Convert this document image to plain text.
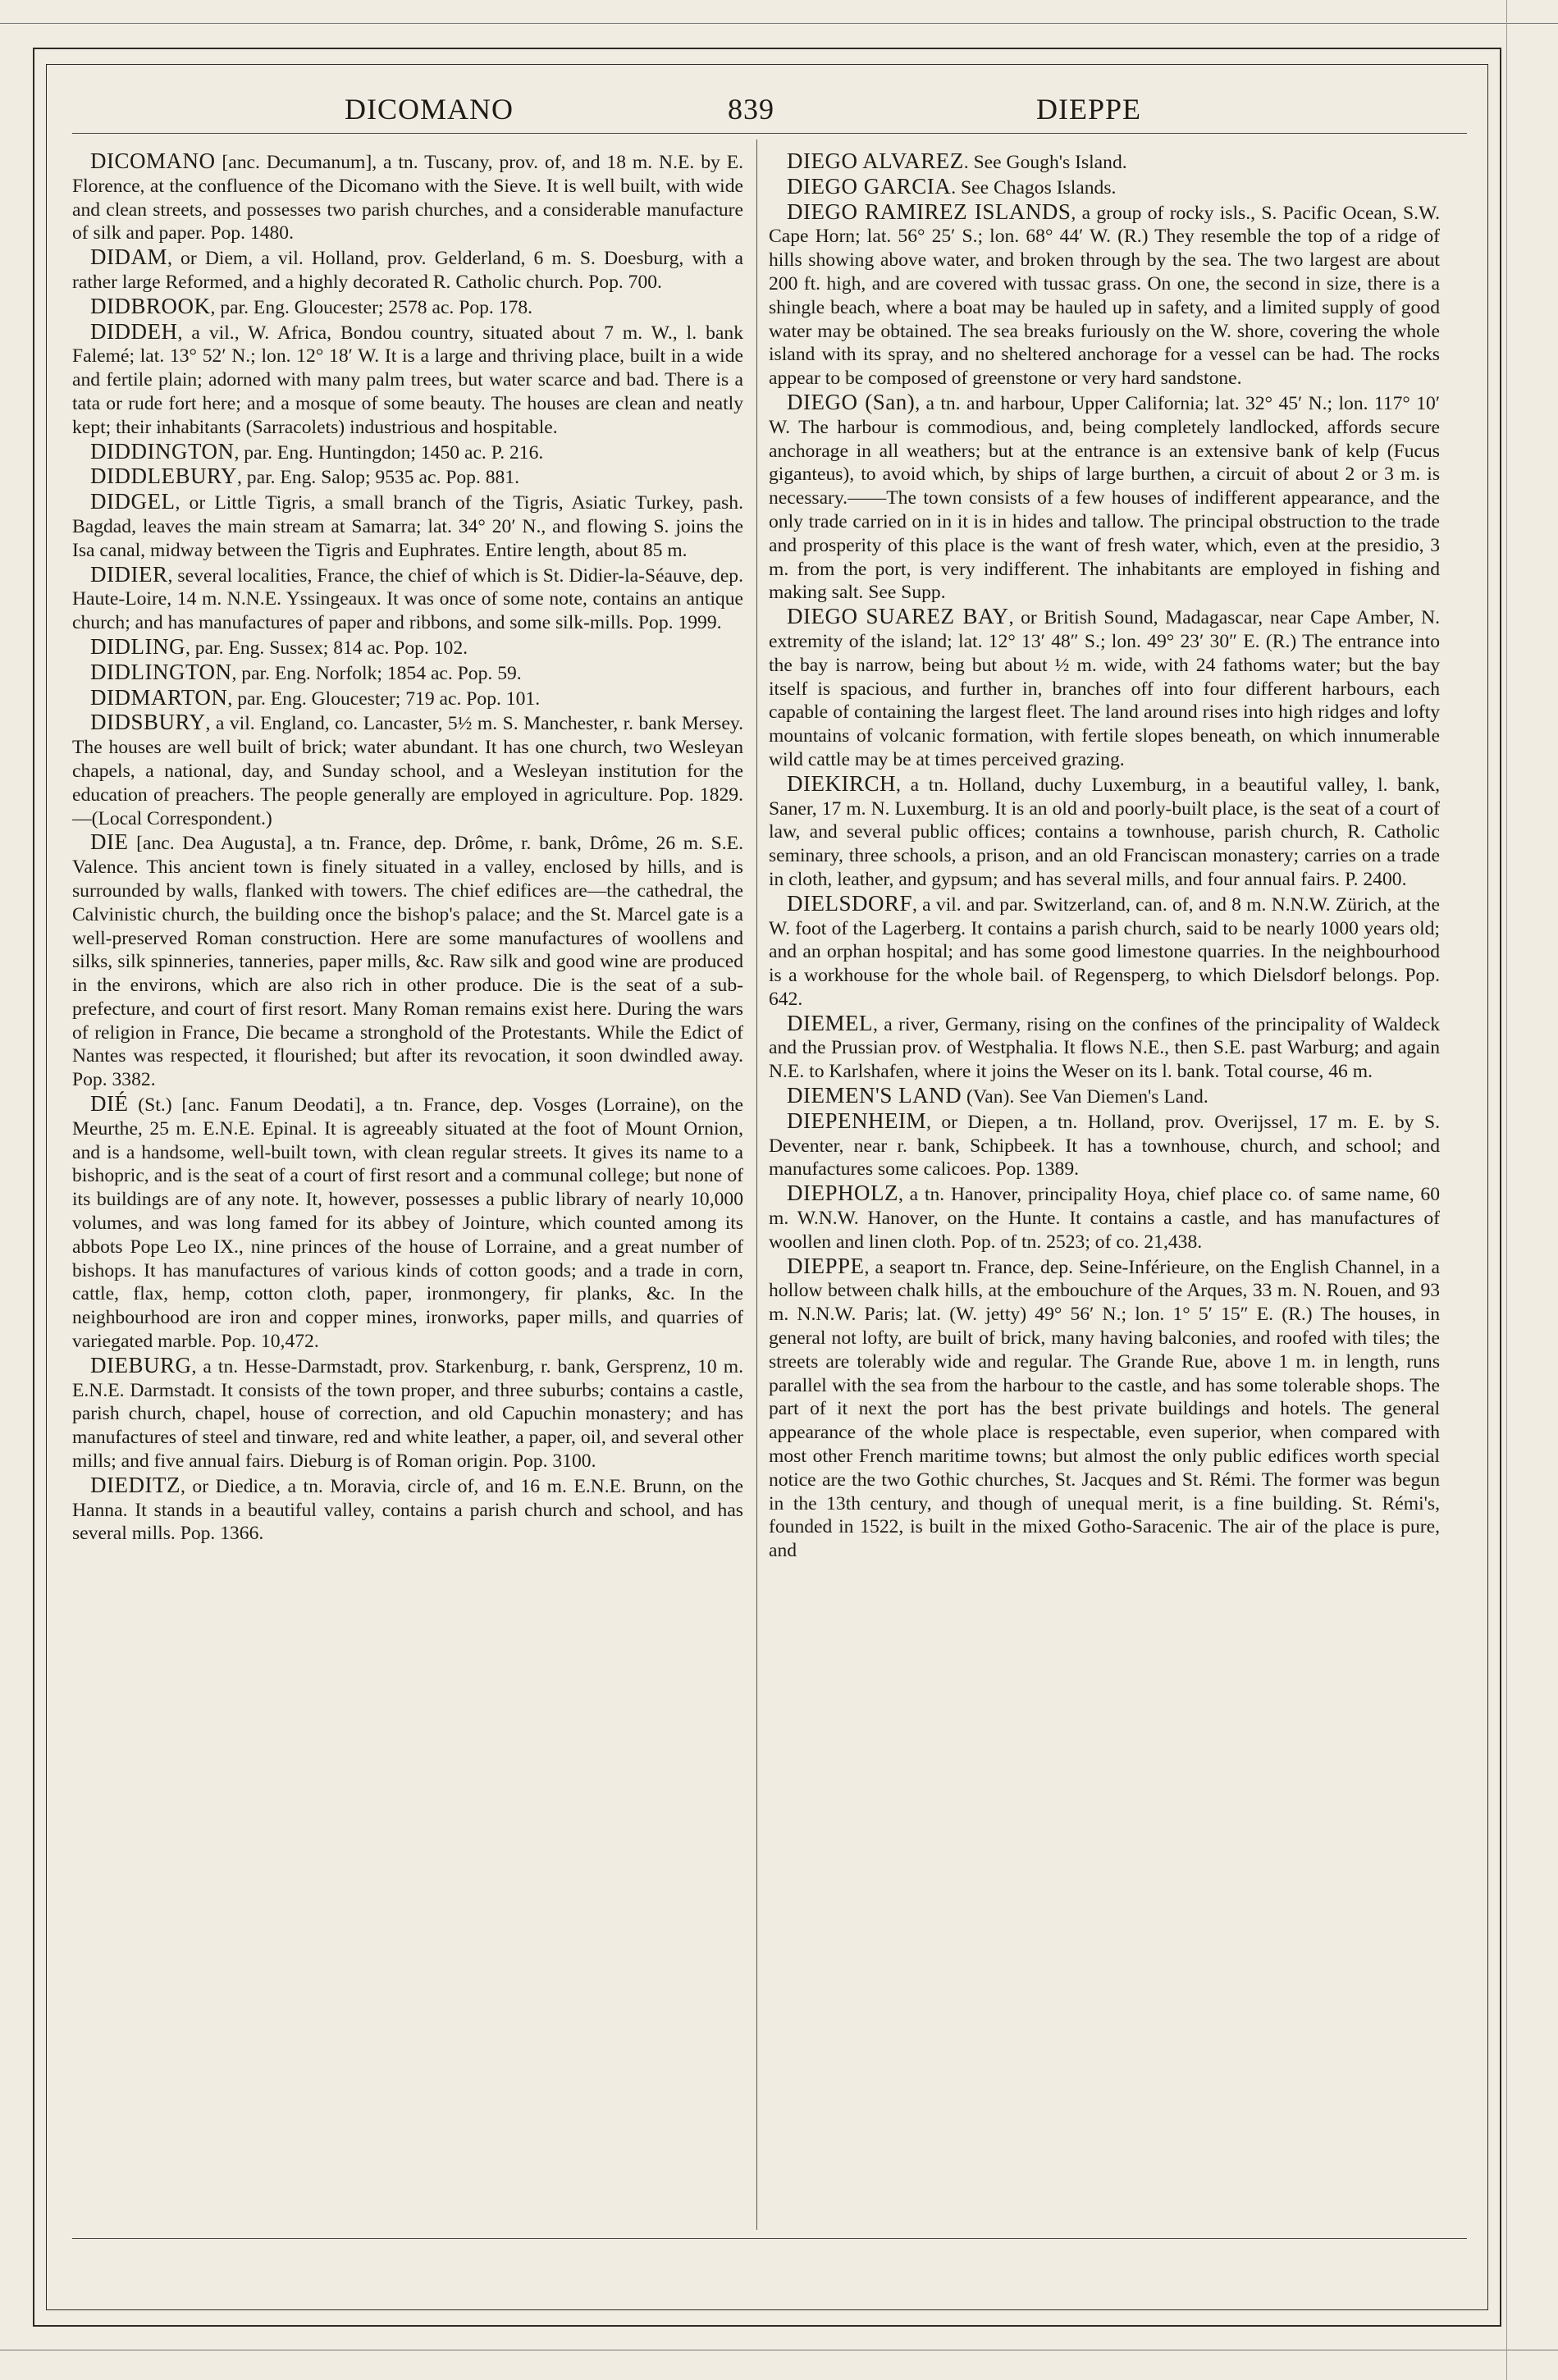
DICOMANO	839	DIEPPE

DICOMANO [anc. Decumanum], a tn. Tuscany, prov. of, and 18 m. N.E. by E. Florence, at the confluence of the Dicomano with the Sieve. It is well built, with wide and clean streets, and possesses two parish churches, and a considerable manufacture of silk and paper. Pop. 1480.

DIDAM, or Diem, a vil. Holland, prov. Gelderland, 6 m. S. Doesburg, with a rather large Reformed, and a highly decorated R. Catholic church. Pop. 700.

DIDBROOK, par. Eng. Gloucester; 2578 ac. Pop. 178.

DIDDEH, a vil., W. Africa, Bondou country, situated about 7 m. W., l. bank Falemé; lat. 13° 52′ N.; lon. 12° 18′ W. It is a large and thriving place, built in a wide and fertile plain; adorned with many palm trees, but water scarce and bad. There is a tata or rude fort here; and a mosque of some beauty. The houses are clean and neatly kept; their inhabitants (Sarracolets) industrious and hospitable.

DIDDINGTON, par. Eng. Huntingdon; 1450 ac. P. 216.

DIDDLEBURY, par. Eng. Salop; 9535 ac. Pop. 881.

DIDGEL, or Little Tigris, a small branch of the Tigris, Asiatic Turkey, pash. Bagdad, leaves the main stream at Samarra; lat. 34° 20′ N., and flowing S. joins the Isa canal, midway between the Tigris and Euphrates. Entire length, about 85 m.

DIDIER, several localities, France, the chief of which is St. Didier-la-Séauve, dep. Haute-Loire, 14 m. N.N.E. Yssingeaux. It was once of some note, contains an antique church; and has manufactures of paper and ribbons, and some silk-mills. Pop. 1999.

DIDLING, par. Eng. Sussex; 814 ac. Pop. 102.

DIDLINGTON, par. Eng. Norfolk; 1854 ac. Pop. 59.

DIDMARTON, par. Eng. Gloucester; 719 ac. Pop. 101.

DIDSBURY, a vil. England, co. Lancaster, 5½ m. S. Manchester, r. bank Mersey. The houses are well built of brick; water abundant. It has one church, two Wesleyan chapels, a national, day, and Sunday school, and a Wesleyan institution for the education of preachers. The people generally are employed in agriculture. Pop. 1829.—(Local Correspondent.)

DIE [anc. Dea Augusta], a tn. France, dep. Drôme, r. bank, Drôme, 26 m. S.E. Valence. This ancient town is finely situated in a valley, enclosed by hills, and is surrounded by walls, flanked with towers. The chief edifices are—the cathedral, the Calvinistic church, the building once the bishop's palace; and the St. Marcel gate is a well-preserved Roman construction. Here are some manufactures of woollens and silks, silk spinneries, tanneries, paper mills, &c. Raw silk and good wine are produced in the environs, which are also rich in other produce. Die is the seat of a sub-prefecture, and court of first resort. Many Roman remains exist here. During the wars of religion in France, Die became a stronghold of the Protestants. While the Edict of Nantes was respected, it flourished; but after its revocation, it soon dwindled away. Pop. 3382.

DIÉ (St.) [anc. Fanum Deodati], a tn. France, dep. Vosges (Lorraine), on the Meurthe, 25 m. E.N.E. Epinal. It is agreeably situated at the foot of Mount Ornion, and is a handsome, well-built town, with clean regular streets. It gives its name to a bishopric, and is the seat of a court of first resort and a communal college; but none of its buildings are of any note. It, however, possesses a public library of nearly 10,000 volumes, and was long famed for its abbey of Jointure, which counted among its abbots Pope Leo IX., nine princes of the house of Lorraine, and a great number of bishops. It has manufactures of various kinds of cotton goods; and a trade in corn, cattle, flax, hemp, cotton cloth, paper, ironmongery, fir planks, &c. In the neighbourhood are iron and copper mines, ironworks, paper mills, and quarries of variegated marble. Pop. 10,472.

DIEBURG, a tn. Hesse-Darmstadt, prov. Starkenburg, r. bank, Gersprenz, 10 m. E.N.E. Darmstadt. It consists of the town proper, and three suburbs; contains a castle, parish church, chapel, house of correction, and old Capuchin monastery; and has manufactures of steel and tinware, red and white leather, a paper, oil, and several other mills; and five annual fairs. Dieburg is of Roman origin. Pop. 3100.

DIEDITZ, or Diedice, a tn. Moravia, circle of, and 16 m. E.N.E. Brunn, on the Hanna. It stands in a beautiful valley, contains a parish church and school, and has several mills. Pop. 1366.

DIEGO ALVAREZ. See Gough's Island.

DIEGO GARCIA. See Chagos Islands.

DIEGO RAMIREZ ISLANDS, a group of rocky isls., S. Pacific Ocean, S.W. Cape Horn; lat. 56° 25′ S.; lon. 68° 44′ W. (R.) They resemble the top of a ridge of hills showing above water, and broken through by the sea. The two largest are about 200 ft. high, and are covered with tussac grass. On one, the second in size, there is a shingle beach, where a boat may be hauled up in safety, and a limited supply of good water may be obtained. The sea breaks furiously on the W. shore, covering the whole island with its spray, and no sheltered anchorage for a vessel can be had. The rocks appear to be composed of greenstone or very hard sandstone.

DIEGO (San), a tn. and harbour, Upper California; lat. 32° 45′ N.; lon. 117° 10′ W. The harbour is commodious, and, being completely landlocked, affords secure anchorage in all weathers; but at the entrance is an extensive bank of kelp (Fucus giganteus), to avoid which, by ships of large burthen, a circuit of about 2 or 3 m. is necessary.——The town consists of a few houses of indifferent appearance, and the only trade carried on in it is in hides and tallow. The principal obstruction to the trade and prosperity of this place is the want of fresh water, which, even at the presidio, 3 m. from the port, is very indifferent. The inhabitants are employed in fishing and making salt. See Supp.

DIEGO SUAREZ BAY, or British Sound, Madagascar, near Cape Amber, N. extremity of the island; lat. 12° 13′ 48″ S.; lon. 49° 23′ 30″ E. (R.) The entrance into the bay is narrow, being but about ½ m. wide, with 24 fathoms water; but the bay itself is spacious, and further in, branches off into four different harbours, each capable of containing the largest fleet. The land around rises into high ridges and lofty mountains of volcanic formation, with fertile slopes beneath, on which innumerable wild cattle may be at times perceived grazing.

DIEKIRCH, a tn. Holland, duchy Luxemburg, in a beautiful valley, l. bank, Saner, 17 m. N. Luxemburg. It is an old and poorly-built place, is the seat of a court of law, and several public offices; contains a townhouse, parish church, R. Catholic seminary, three schools, a prison, and an old Franciscan monastery; carries on a trade in cloth, leather, and gypsum; and has several mills, and four annual fairs. P. 2400.

DIELSDORF, a vil. and par. Switzerland, can. of, and 8 m. N.N.W. Zürich, at the W. foot of the Lagerberg. It contains a parish church, said to be nearly 1000 years old; and an orphan hospital; and has some good limestone quarries. In the neighbourhood is a workhouse for the whole bail. of Regensperg, to which Dielsdorf belongs. Pop. 642.

DIEMEL, a river, Germany, rising on the confines of the principality of Waldeck and the Prussian prov. of Westphalia. It flows N.E., then S.E. past Warburg; and again N.E. to Karlshafen, where it joins the Weser on its l. bank. Total course, 46 m.

DIEMEN'S LAND (Van). See Van Diemen's Land.

DIEPENHEIM, or Diepen, a tn. Holland, prov. Overijssel, 17 m. E. by S. Deventer, near r. bank, Schipbeek. It has a townhouse, church, and school; and manufactures some calicoes. Pop. 1389.

DIEPHOLZ, a tn. Hanover, principality Hoya, chief place co. of same name, 60 m. W.N.W. Hanover, on the Hunte. It contains a castle, and has manufactures of woollen and linen cloth. Pop. of tn. 2523; of co. 21,438.

DIEPPE, a seaport tn. France, dep. Seine-Inférieure, on the English Channel, in a hollow between chalk hills, at the embouchure of the Arques, 33 m. N. Rouen, and 93 m. N.N.W. Paris; lat. (W. jetty) 49° 56′ N.; lon. 1° 5′ 15″ E. (R.) The houses, in general not lofty, are built of brick, many having balconies, and roofed with tiles; the streets are tolerably wide and regular. The Grande Rue, above 1 m. in length, runs parallel with the sea from the harbour to the castle, and has some tolerable shops. The part of it next the port has the best private buildings and hotels. The general appearance of the whole place is respectable, even superior, when compared with most other French maritime towns; but almost the only public edifices worth special notice are the two Gothic churches, St. Jacques and St. Rémi. The former was begun in the 13th century, and though of unequal merit, is a fine building. St. Rémi's, founded in 1522, is built in the mixed Gotho-Saracenic. The air of the place is pure, and
